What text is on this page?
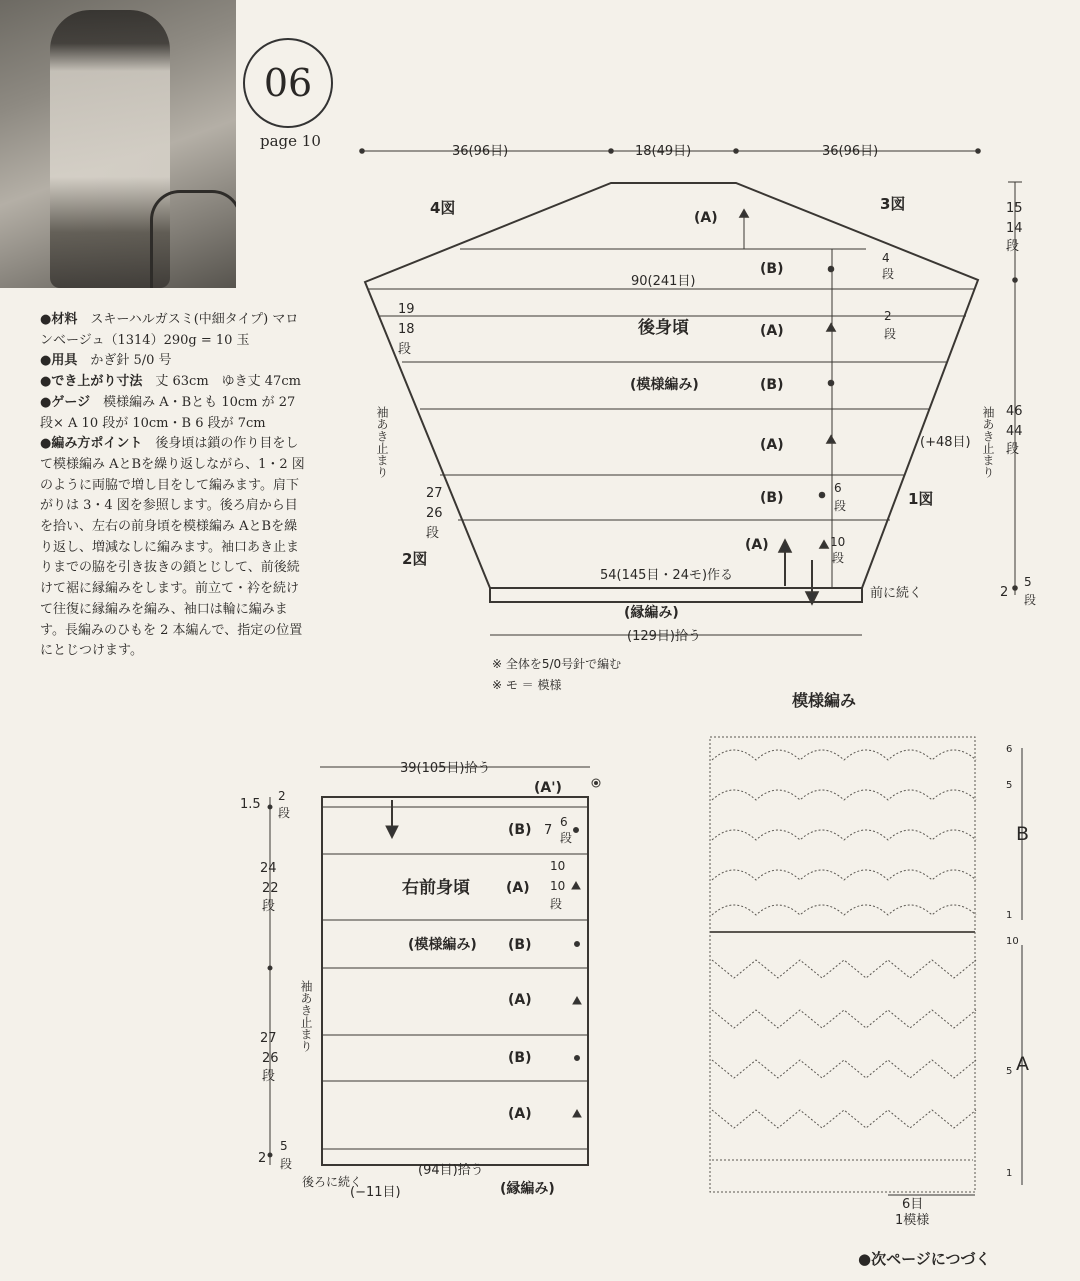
06
page 10
●材料　 スキーハルガスミ(中細タイプ) マロンベージュ（1314）290g = 10 玉
●用具　 かぎ針 5/0 号
●でき上がり寸法　 丈 63cm　ゆき丈 47cm
●ゲージ　 模様編み A・Bとも 10cm が 27 段× A 10 段が 10cm・B 6 段が 7cm
●編み方ポイント　 後身頃は鎖の作り目をして模様編み AとBを繰り返しながら、1・2 図のように両脇で増し目をして編みます。肩下がりは 3・4 図を参照します。後ろ肩から目を拾い、左右の前身頃を模様編み AとBを繰り返し、増減なしに編みます。袖口あき止まりまでの脇を引き抜きの鎖とじして、前後続けて裾に縁編みをします。前立て・衿を続けて往復に縁編みを編み、袖口は輪に編みます。長編みのひもを 2 本編んで、指定の位置にとじつけます。
36(96目)	18(49目)	36(96目)
4図	3図
1図
2図
90(241目)
後身頃
(模様編み)
(A)
(B)
(A)
(B)
(A)
(B)
(A)
19
18
段
27
26
段
袖あき止まり	袖あき止まり
4
段
2
段
(+48目)
6
段
10
段
54(145目・24モ)作る
前に続く
(縁編み)
(129目)拾う
15
14
段
46
44
段
2
5
段
39(105目)拾う
(A')
右前身頃
(模様編み)
(B)
(A)
(B)
(A)
(B)
(A)
7
6
段
10
10
段
1.5
2
段
24
22
段
27
26
段
2
5
段
袖あき止まり
(94目)拾う
(−11目)
後ろに続く	(縁編み)
模様編み
B
A
6
5
1
10
5
1
6目
1模様
※ 全体を5/0号針で編む
※ モ ＝ 模様
●次ページにつづく
